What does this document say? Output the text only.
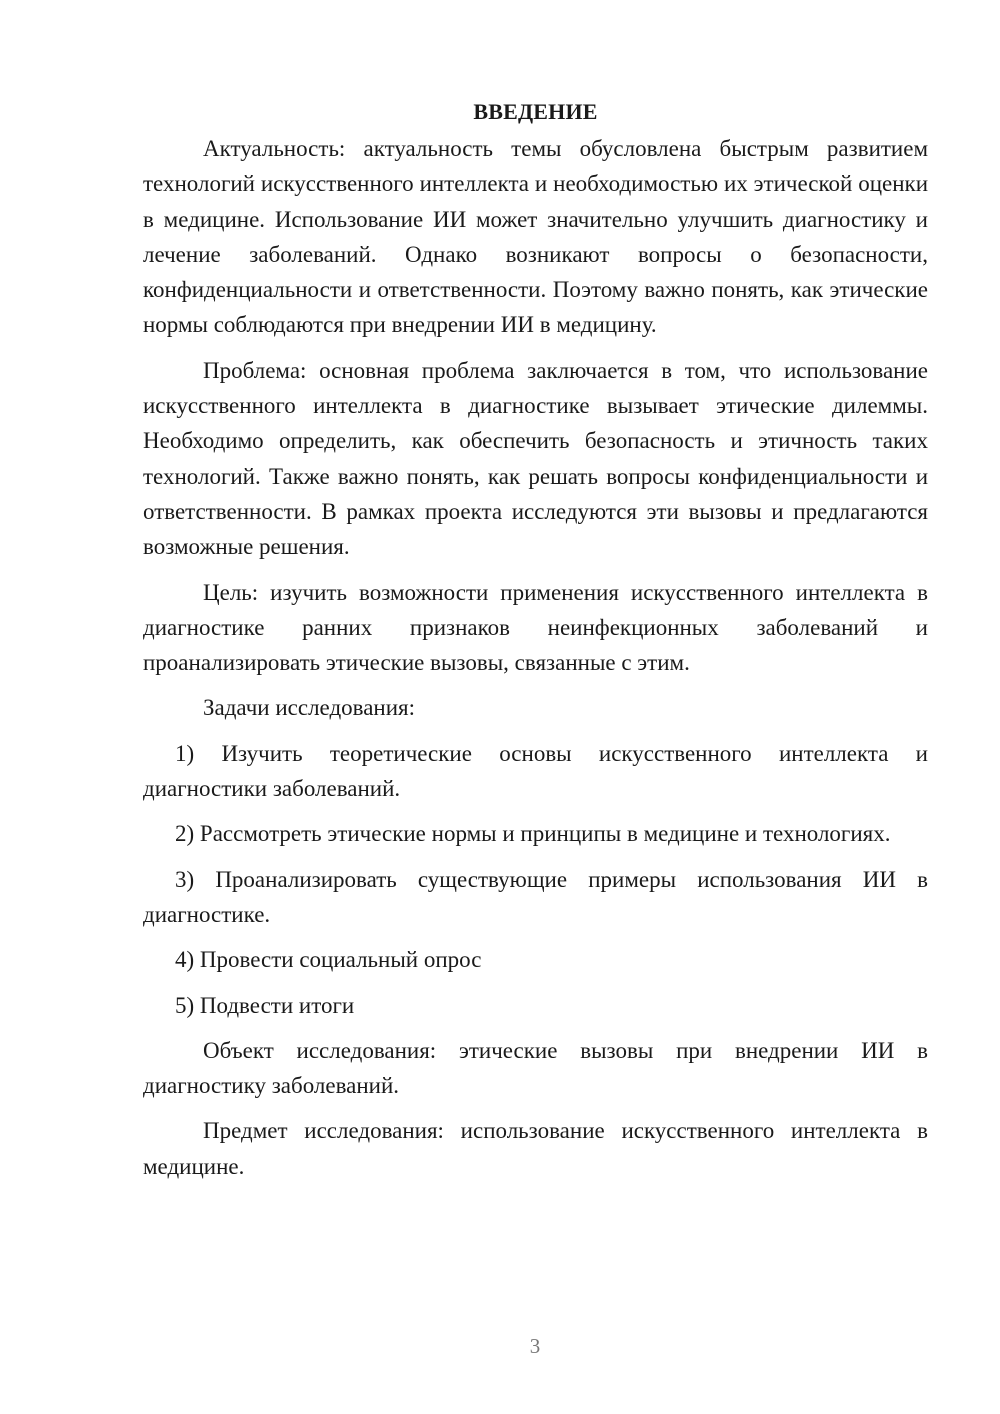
ВВЕДЕНИЕ

Актуальность: актуальность темы обусловлена быстрым развитием технологий искусственного интеллекта и необходимостью их этической оценки в медицине. Использование ИИ может значительно улучшить диагностику и лечение заболеваний. Однако возникают вопросы о безопасности, конфиденциальности и ответственности. Поэтому важно понять, как этические нормы соблюдаются при внедрении ИИ в медицину.

Проблема: основная проблема заключается в том, что использование искусственного интеллекта в диагностике вызывает этические дилеммы. Необходимо определить, как обеспечить безопасность и этичность таких технологий. Также важно понять, как решать вопросы конфиденциальности и ответственности. В рамках проекта исследуются эти вызовы и предлагаются возможные решения.

Цель: изучить возможности применения искусственного интеллекта в диагностике ранних признаков неинфекционных заболеваний и проанализировать этические вызовы, связанные с этим.

Задачи исследования:

1) Изучить теоретические основы искусственного интеллекта и диагностики заболеваний.

2) Рассмотреть этические нормы и принципы в медицине и технологиях.

3) Проанализировать существующие примеры использования ИИ в диагностике.

4) Провести социальный опрос

5) Подвести итоги

Объект исследования: этические вызовы при внедрении ИИ в диагностику заболеваний.

Предмет исследования: использование искусственного интеллекта в медицине.

3
